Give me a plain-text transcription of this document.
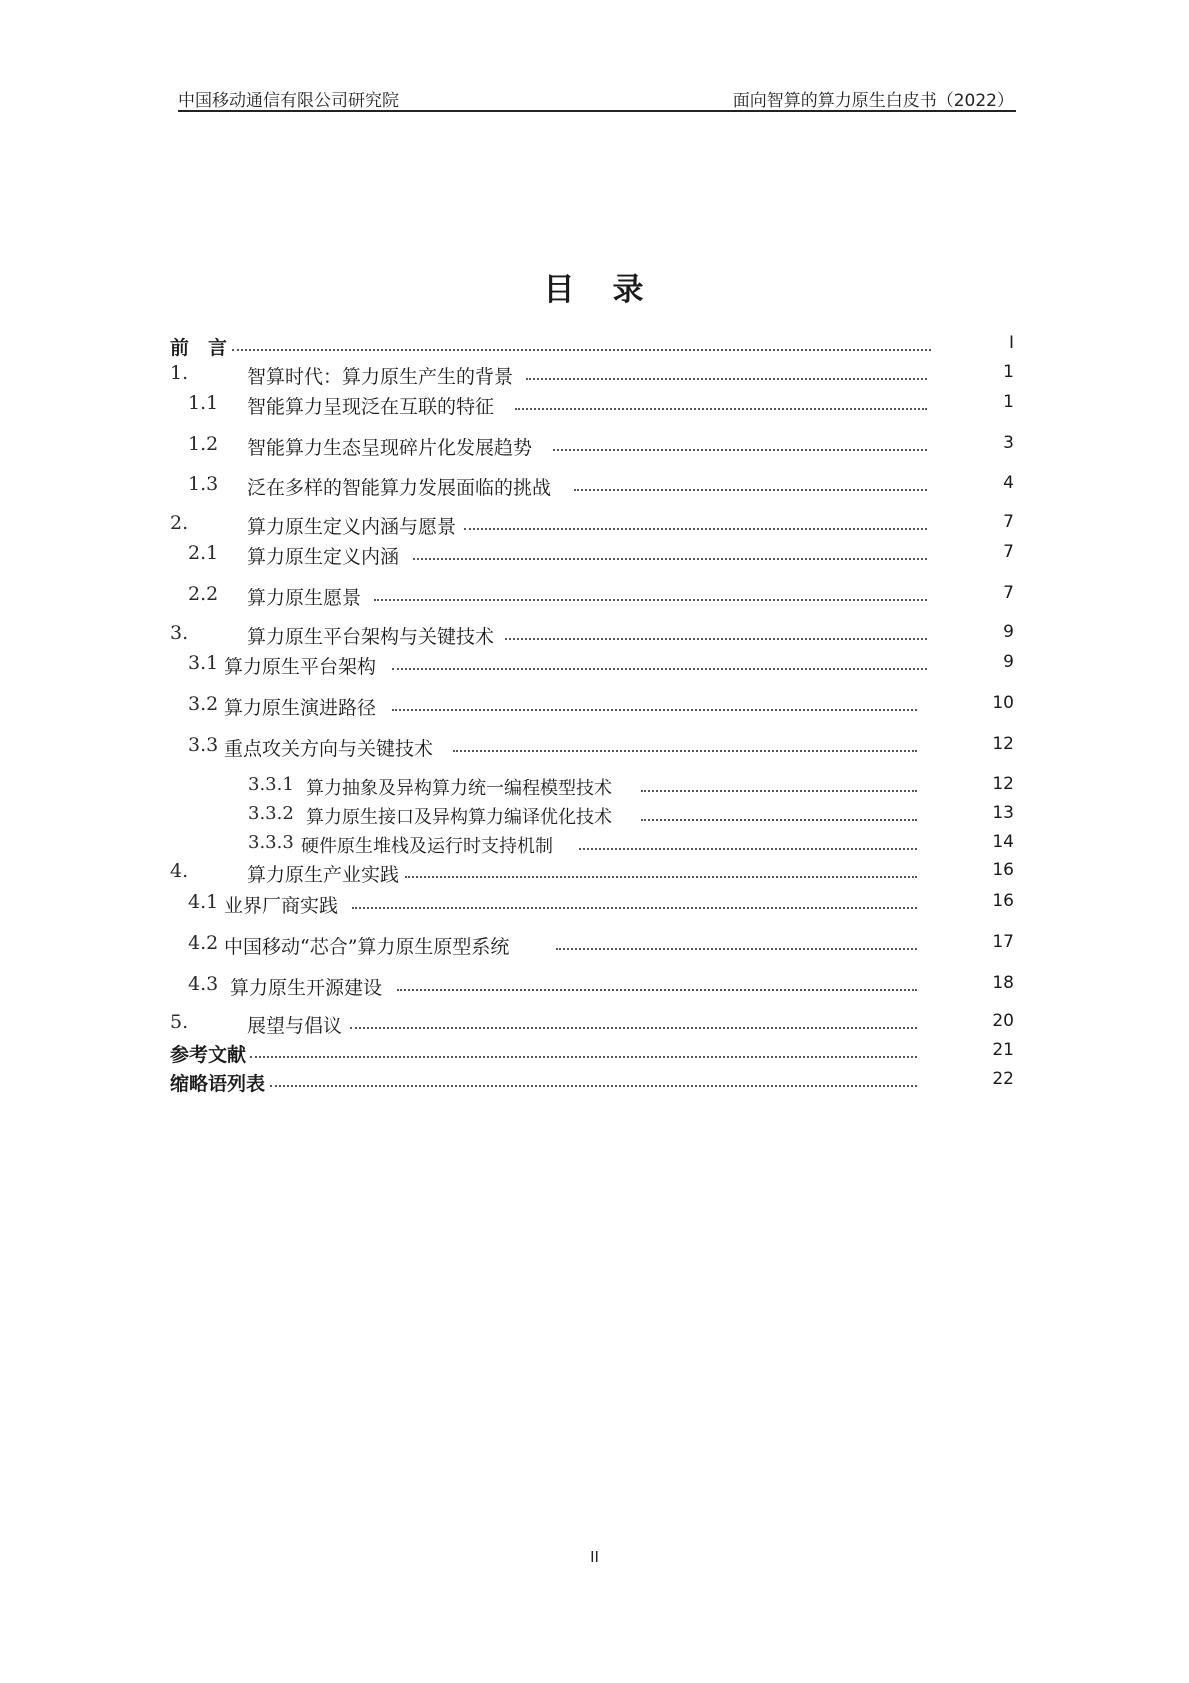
中国移动通信有限公司研究院	面向智算的算力原生白皮书（2022）
目 录
前　言	I
1.	智算时代：算力原生产生的背景	1
1.1 智能算力呈现泛在互联的特征	1
1.2 智能算力生态呈现碎片化发展趋势	3
1.3 泛在多样的智能算力发展面临的挑战	4
2.	算力原生定义内涵与愿景	7
2.1 算力原生定义内涵	7
2.2 算力原生愿景	7
3.	算力原生平台架构与关键技术	9
3.1 算力原生平台架构	9
3.2 算力原生演进路径	10
3.3 重点攻关方向与关键技术	12
3.3.1 算力抽象及异构算力统一编程模型技术	12
3.3.2 算力原生接口及异构算力编译优化技术	13
3.3.3 硬件原生堆栈及运行时支持机制	14
4.	算力原生产业实践	16
4.1 业界厂商实践	16
4.2 中国移动“芯合”算力原生原型系统	17
4.3 算力原生开源建设	18
5.	展望与倡议	20
参考文献	21
缩略语列表	22
II
